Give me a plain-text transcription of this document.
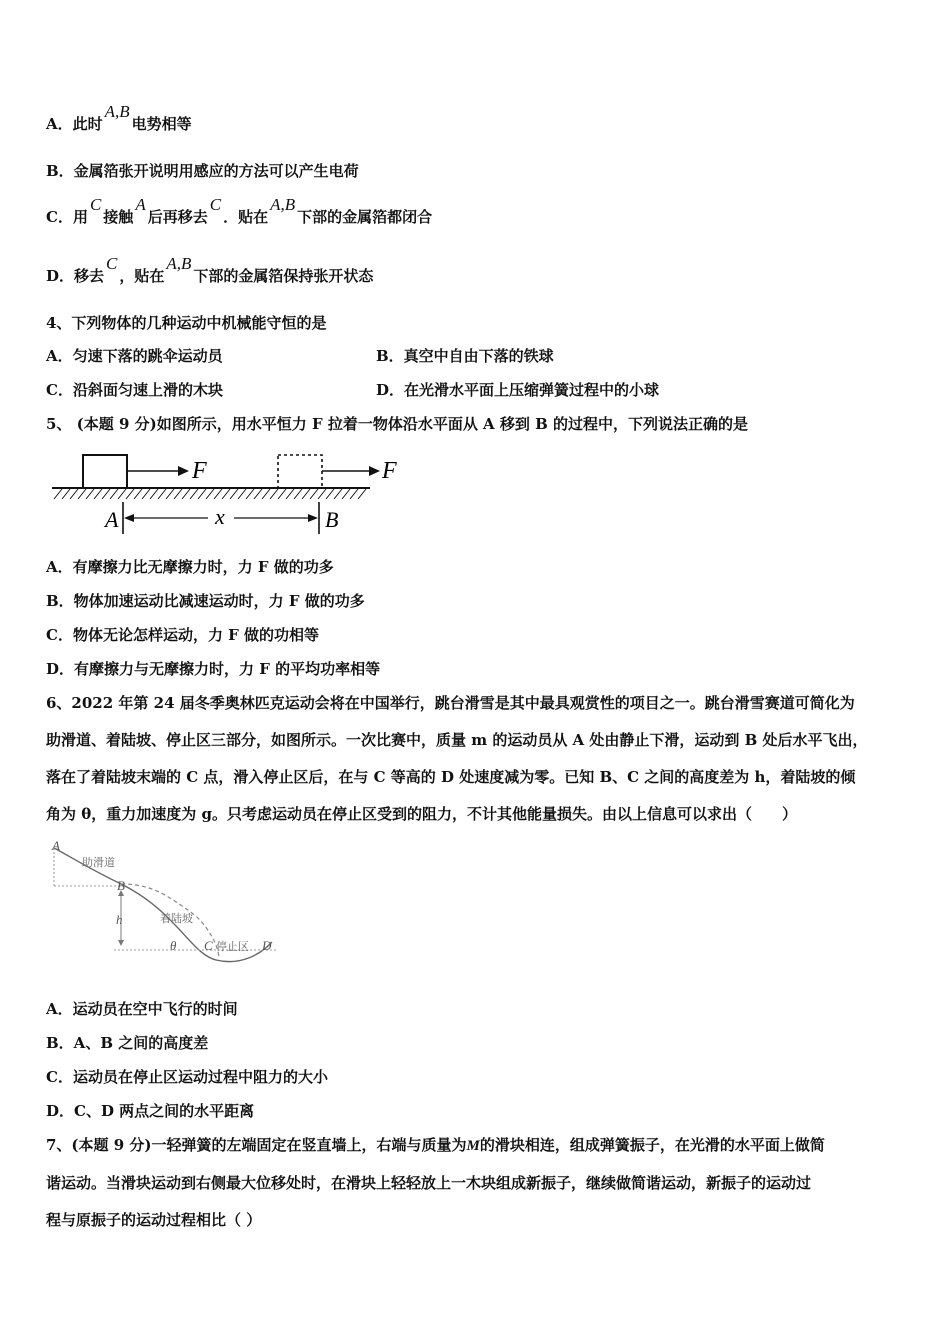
A．此时A,B电势相等
B．金属箔张开说明用感应的方法可以产生电荷
C．用C接触A后再移去C．贴在A,B下部的金属箔都闭合
D．移去C，贴在A,B下部的金属箔保持张开状态
4、下列物体的几种运动中机械能守恒的是
A．匀速下落的跳伞运动员	B．真空中自由下落的铁球
C．沿斜面匀速上滑的木块	D．在光滑水平面上压缩弹簧过程中的小球
5、 (本题 9 分)如图所示，用水平恒力 F 拉着一物体沿水平面从 A 移到 B 的过程中，下列说法正确的是
F	F
A	B
x
A．有摩擦力比无摩擦力时，力 F 做的功多
B．物体加速运动比减速运动时，力 F 做的功多
C．物体无论怎样运动，力 F 做的功相等
D．有摩擦力与无摩擦力时，力 F 的平均功率相等
6、2022 年第 24 届冬季奥林匹克运动会将在中国举行，跳台滑雪是其中最具观赏性的项目之一。跳台滑雪赛道可简化为
助滑道、着陆坡、停止区三部分，如图所示。一次比赛中，质量 m 的运动员从 A 处由静止下滑，运动到 B 处后水平飞出，
落在了着陆坡末端的 C 点，滑入停止区后，在与 C 等高的 D 处速度减为零。已知 B、C 之间的高度差为 h，着陆坡的倾
角为 θ，重力加速度为 g。只考虑运动员在停止区受到的阻力，不计其他能量损失。由以上信息可以求出（　　）
A
B
h
θ C	D
助滑道
着陆坡
停止区
A．运动员在空中飞行的时间
B．A、B 之间的高度差
C．运动员在停止区运动过程中阻力的大小
D．C、D 两点之间的水平距离
7、(本题 9 分)一轻弹簧的左端固定在竖直墙上，右端与质量为M的滑块相连，组成弹簧振子，在光滑的水平面上做简
谐运动。当滑块运动到右侧最大位移处时，在滑块上轻轻放上一木块组成新振子，继续做简谐运动，新振子的运动过
程与原振子的运动过程相比（ ）
